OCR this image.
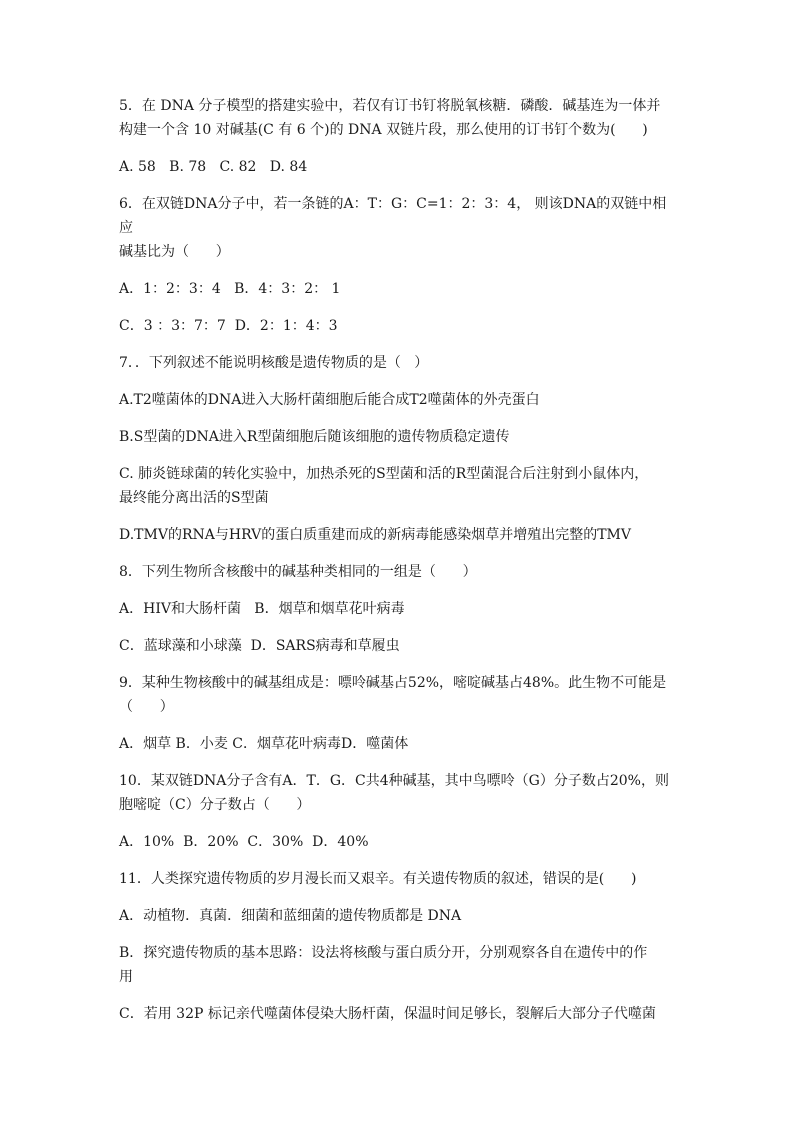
5．在 DNA 分子模型的搭建实验中，若仅有订书钉将脱氧核糖．磷酸．碱基连为一体并
构建一个含 10 对碱基(C 有 6 个)的 DNA 双链片段，那么使用的订书钉个数为(      )
A. 58   B. 78   C. 82   D. 84
6．在双链DNA分子中，若一条链的A：T：G：C=1：2：3：4， 则该DNA的双链中相应
碱基比为（      ）
A．1：2：3：4   B．4：3：2： 1
C．3 ：3：7：7  D．2：1：4：3
7．．下列叙述不能说明核酸是遗传物质的是（   ）
A.T2噬菌体的DNA进入大肠杆菌细胞后能合成T2噬菌体的外壳蛋白
B.S型菌的DNA进入R型菌细胞后随该细胞的遗传物质稳定遗传
C. 肺炎链球菌的转化实验中，加热杀死的S型菌和活的R型菌混合后注射到小鼠体内，
最终能分离出活的S型菌
D.TMV的RNA与HRV的蛋白质重建而成的新病毒能感染烟草并增殖出完整的TMV
8．下列生物所含核酸中的碱基种类相同的一组是（      ）
A．HIV和大肠杆菌   B．烟草和烟草花叶病毒
C．蓝球藻和小球藻  D．SARS病毒和草履虫
9．某种生物核酸中的碱基组成是：嘌呤碱基占52%，嘧啶碱基占48%。此生物不可能是
（      ）
A．烟草 B．小麦 C．烟草花叶病毒D．噬菌体
10．某双链DNA分子含有A．T．G．C共4种碱基，其中鸟嘌呤（G）分子数占20%，则
胞嘧啶（C）分子数占（      ）
A．10%  B．20%  C．30%  D．40%
11．人类探究遗传物质的岁月漫长而又艰辛。有关遗传物质的叙述，错误的是(      )
A．动植物．真菌．细菌和蓝细菌的遗传物质都是 DNA
B．探究遗传物质的基本思路：设法将核酸与蛋白质分开，分别观察各自在遗传中的作
用
C．若用 32P 标记亲代噬菌体侵染大肠杆菌，保温时间足够长，裂解后大部分子代噬菌
